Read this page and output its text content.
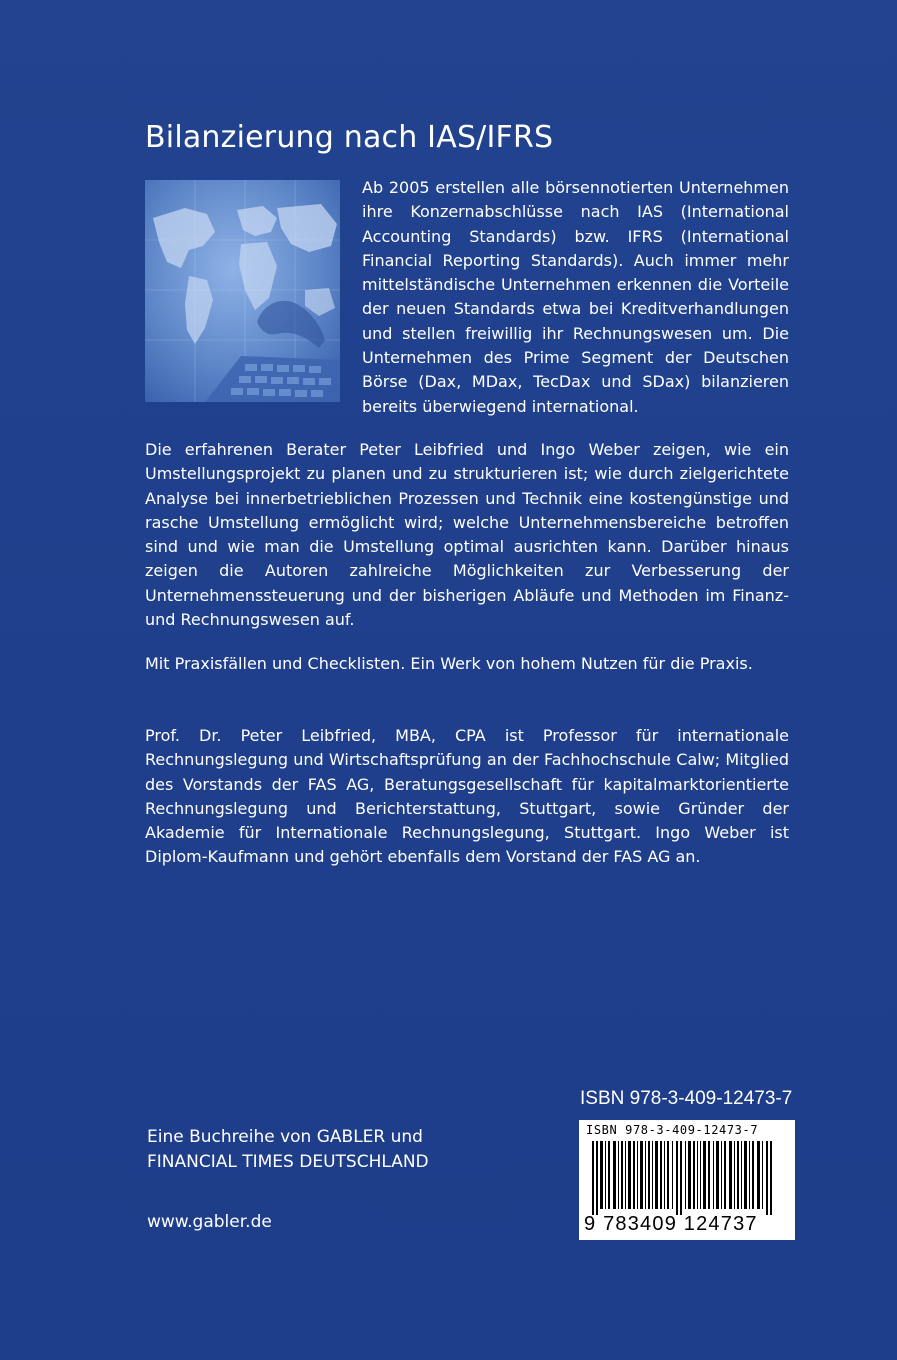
Bilanzierung nach IAS/IFRS

Ab 2005 erstellen alle börsennotierten Unternehmen ihre Konzernabschlüsse nach IAS (International Accounting Standards) bzw. IFRS (International Financial Reporting Standards). Auch immer mehr mittelständische Unternehmen erkennen die Vorteile der neuen Standards etwa bei Kreditverhandlungen und stellen freiwillig ihr Rechnungswesen um. Die Unternehmen des Prime Segment der Deutschen Börse (Dax, MDax, TecDax und SDax) bilanzieren bereits überwiegend international.

Die erfahrenen Berater Peter Leibfried und Ingo Weber zeigen, wie ein Umstellungsprojekt zu planen und zu strukturieren ist; wie durch zielgerichtete Analyse bei innerbetrieblichen Prozessen und Technik eine kostengünstige und rasche Umstellung ermöglicht wird; welche Unternehmensbereiche betroffen sind und wie man die Umstellung optimal ausrichten kann. Darüber hinaus zeigen die Autoren zahlreiche Möglichkeiten zur Verbesserung der Unternehmenssteuerung und der bisherigen Abläufe und Methoden im Finanz- und Rechnungswesen auf.

Mit Praxisfällen und Checklisten. Ein Werk von hohem Nutzen für die Praxis.

Prof. Dr. Peter Leibfried, MBA, CPA ist Professor für internationale Rechnungslegung und Wirtschaftsprüfung an der Fachhochschule Calw; Mitglied des Vorstands der FAS AG, Beratungsgesellschaft für kapitalmarktorientierte Rechnungslegung und Berichterstattung, Stuttgart, sowie Gründer der Akademie für Internationale Rechnungslegung, Stuttgart. Ingo Weber ist Diplom-Kaufmann und gehört ebenfalls dem Vorstand der FAS AG an.

Eine Buchreihe von GABLER und
FINANCIAL TIMES DEUTSCHLAND
www.gabler.de
ISBN 978-3-409-12473-7
ISBN 978-3-409-12473-7
9 783409 124737
